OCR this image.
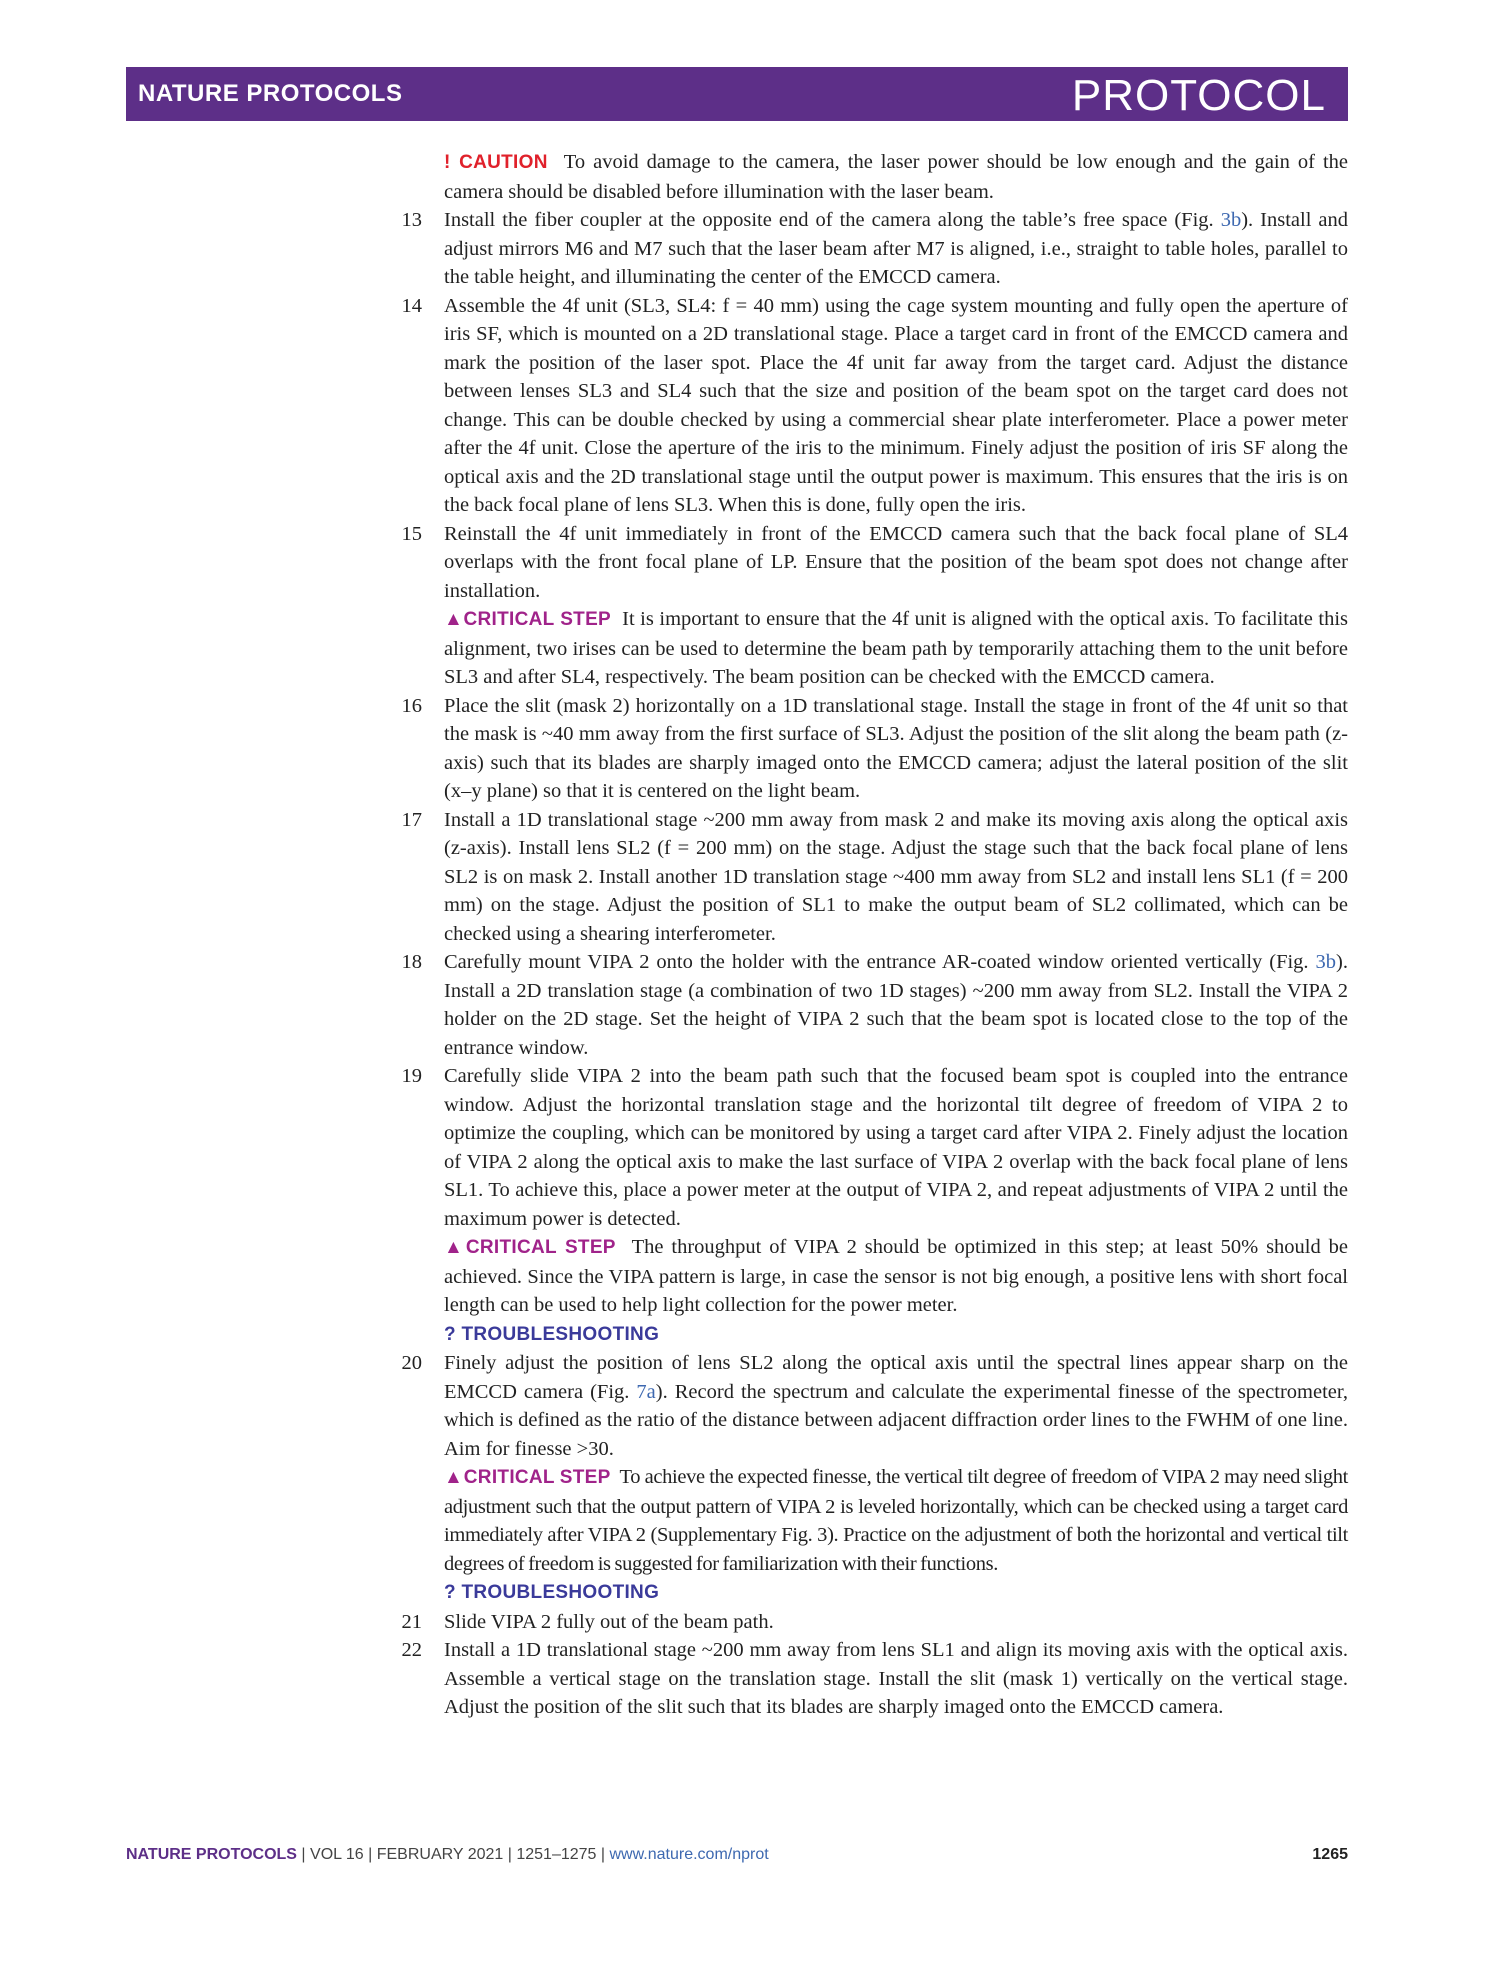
NATURE PROTOCOLS	PROTOCOL

! CAUTION To avoid damage to the camera, the laser power should be low enough and the gain of the camera should be disabled before illumination with the laser beam.

13 Install the fiber coupler at the opposite end of the camera along the table’s free space (Fig. 3b). Install and adjust mirrors M6 and M7 such that the laser beam after M7 is aligned, i.e., straight to table holes, parallel to the table height, and illuminating the center of the EMCCD camera.

14 Assemble the 4f unit (SL3, SL4: f = 40 mm) using the cage system mounting and fully open the aperture of iris SF, which is mounted on a 2D translational stage. Place a target card in front of the EMCCD camera and mark the position of the laser spot. Place the 4f unit far away from the target card. Adjust the distance between lenses SL3 and SL4 such that the size and position of the beam spot on the target card does not change. This can be double checked by using a commercial shear plate interferometer. Place a power meter after the 4f unit. Close the aperture of the iris to the minimum. Finely adjust the position of iris SF along the optical axis and the 2D translational stage until the output power is maximum. This ensures that the iris is on the back focal plane of lens SL3. When this is done, fully open the iris.

15 Reinstall the 4f unit immediately in front of the EMCCD camera such that the back focal plane of SL4 overlaps with the front focal plane of LP. Ensure that the position of the beam spot does not change after installation.

▲CRITICAL STEP It is important to ensure that the 4f unit is aligned with the optical axis. To facilitate this alignment, two irises can be used to determine the beam path by temporarily attaching them to the unit before SL3 and after SL4, respectively. The beam position can be checked with the EMCCD camera.

16 Place the slit (mask 2) horizontally on a 1D translational stage. Install the stage in front of the 4f unit so that the mask is ~40 mm away from the first surface of SL3. Adjust the position of the slit along the beam path (z-axis) such that its blades are sharply imaged onto the EMCCD camera; adjust the lateral position of the slit (x–y plane) so that it is centered on the light beam.

17 Install a 1D translational stage ~200 mm away from mask 2 and make its moving axis along the optical axis (z-axis). Install lens SL2 (f = 200 mm) on the stage. Adjust the stage such that the back focal plane of lens SL2 is on mask 2. Install another 1D translation stage ~400 mm away from SL2 and install lens SL1 (f = 200 mm) on the stage. Adjust the position of SL1 to make the output beam of SL2 collimated, which can be checked using a shearing interferometer.

18 Carefully mount VIPA 2 onto the holder with the entrance AR-coated window oriented vertically (Fig. 3b). Install a 2D translation stage (a combination of two 1D stages) ~200 mm away from SL2. Install the VIPA 2 holder on the 2D stage. Set the height of VIPA 2 such that the beam spot is located close to the top of the entrance window.

19 Carefully slide VIPA 2 into the beam path such that the focused beam spot is coupled into the entrance window. Adjust the horizontal translation stage and the horizontal tilt degree of freedom of VIPA 2 to optimize the coupling, which can be monitored by using a target card after VIPA 2. Finely adjust the location of VIPA 2 along the optical axis to make the last surface of VIPA 2 overlap with the back focal plane of lens SL1. To achieve this, place a power meter at the output of VIPA 2, and repeat adjustments of VIPA 2 until the maximum power is detected.

▲CRITICAL STEP The throughput of VIPA 2 should be optimized in this step; at least 50% should be achieved. Since the VIPA pattern is large, in case the sensor is not big enough, a positive lens with short focal length can be used to help light collection for the power meter.

? TROUBLESHOOTING

20 Finely adjust the position of lens SL2 along the optical axis until the spectral lines appear sharp on the EMCCD camera (Fig. 7a). Record the spectrum and calculate the experimental finesse of the spectrometer, which is defined as the ratio of the distance between adjacent diffraction order lines to the FWHM of one line. Aim for finesse >30.

▲CRITICAL STEP To achieve the expected finesse, the vertical tilt degree of freedom of VIPA 2 may need slight adjustment such that the output pattern of VIPA 2 is leveled horizontally, which can be checked using a target card immediately after VIPA 2 (Supplementary Fig. 3). Practice on the adjustment of both the horizontal and vertical tilt degrees of freedom is suggested for familiarization with their functions.

? TROUBLESHOOTING

21 Slide VIPA 2 fully out of the beam path.

22 Install a 1D translational stage ~200 mm away from lens SL1 and align its moving axis with the optical axis. Assemble a vertical stage on the translation stage. Install the slit (mask 1) vertically on the vertical stage. Adjust the position of the slit such that its blades are sharply imaged onto the EMCCD camera.

NATURE PROTOCOLS | VOL 16 | FEBRUARY 2021 | 1251–1275 | www.nature.com/nprot	1265
